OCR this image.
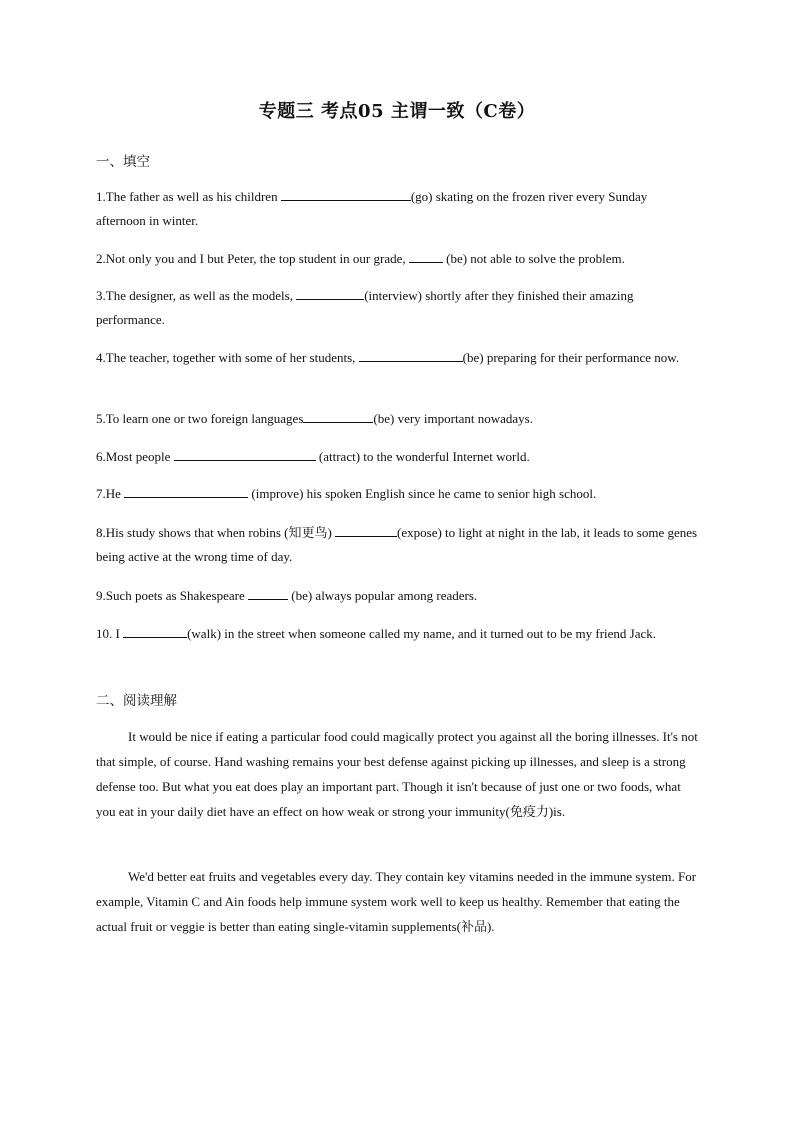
专题三 考点05 主谓一致（C卷）
一、填空
1.The father as well as his children	(go) skating on the frozen river every Sunday afternoon in winter.
2.Not only you and I but Peter, the top student in our grade,	(be) not able to solve the problem.
3.The designer, as well as the models,	(interview) shortly after they finished their amazing performance.
4.The teacher, together with some of her students,	(be) preparing for their performance now.
5.To learn one or two foreign languages	(be) very important nowadays.
6.Most people	(attract) to the wonderful Internet world.
7.He	(improve) his spoken English since he came to senior high school.
8.His study shows that when robins (知更鸟)	(expose) to light at night in the lab, it leads to some genes being active at the wrong time of day.
9.Such poets as Shakespeare	(be) always popular among readers.
10. I	(walk) in the street when someone called my name, and it turned out to be my friend Jack.
二、阅读理解
It would be nice if eating a particular food could magically protect you against all the boring illnesses. It's not that simple, of course. Hand washing remains your best defense against picking up illnesses, and sleep is a strong defense too. But what you eat does play an important part. Though it isn't because of just one or two foods, what you eat in your daily diet have an effect on how weak or strong your immunity(免疫力)is.
We'd better eat fruits and vegetables every day. They contain key vitamins needed in the immune system. For example, Vitamin C and Ain foods help immune system work well to keep us healthy. Remember that eating the actual fruit or veggie is better than eating single-vitamin supplements(补品).
